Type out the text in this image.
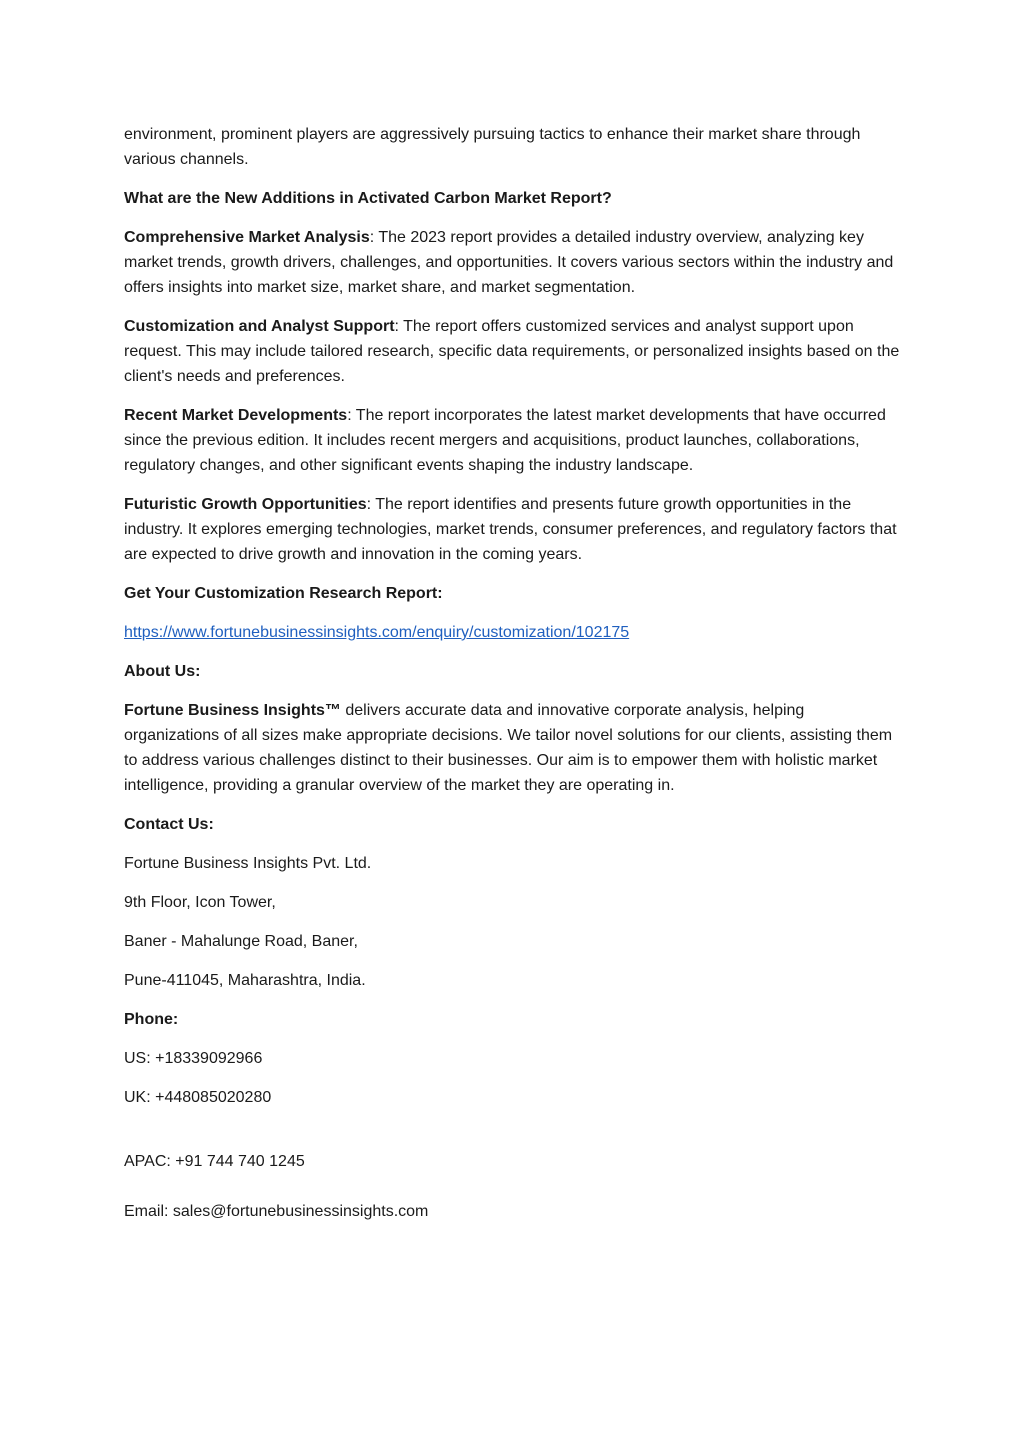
environment, prominent players are aggressively pursuing tactics to enhance their market share through various channels.

What are the New Additions in Activated Carbon Market Report?

Comprehensive Market Analysis: The 2023 report provides a detailed industry overview, analyzing key market trends, growth drivers, challenges, and opportunities. It covers various sectors within the industry and offers insights into market size, market share, and market segmentation.

Customization and Analyst Support: The report offers customized services and analyst support upon request. This may include tailored research, specific data requirements, or personalized insights based on the client's needs and preferences.

Recent Market Developments: The report incorporates the latest market developments that have occurred since the previous edition. It includes recent mergers and acquisitions, product launches, collaborations, regulatory changes, and other significant events shaping the industry landscape.

Futuristic Growth Opportunities: The report identifies and presents future growth opportunities in the industry. It explores emerging technologies, market trends, consumer preferences, and regulatory factors that are expected to drive growth and innovation in the coming years.

Get Your Customization Research Report:

https://www.fortunebusinessinsights.com/enquiry/customization/102175

About Us:

Fortune Business Insights™ delivers accurate data and innovative corporate analysis, helping organizations of all sizes make appropriate decisions. We tailor novel solutions for our clients, assisting them to address various challenges distinct to their businesses. Our aim is to empower them with holistic market intelligence, providing a granular overview of the market they are operating in.

Contact Us:

Fortune Business Insights Pvt. Ltd.

9th Floor, Icon Tower,

Baner - Mahalunge Road, Baner,

Pune-411045, Maharashtra, India.

Phone:

US: +18339092966

UK: +448085020280

APAC: +91 744 740 1245

Email: sales@fortunebusinessinsights.com
